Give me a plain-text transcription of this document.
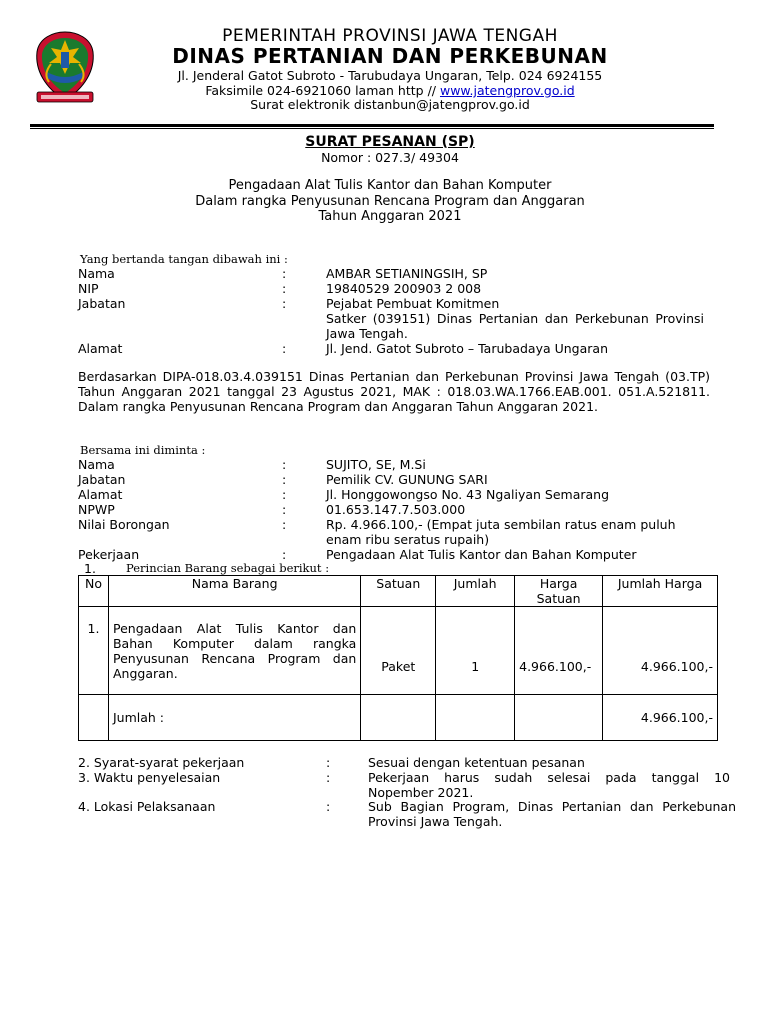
PEMERINTAH PROVINSI JAWA TENGAH
DINAS PERTANIAN DAN PERKEBUNAN
Jl. Jenderal Gatot Subroto - Tarubudaya Ungaran, Telp. 024 6924155
Faksimile 024-6921060 laman http // www.jatengprov.go.id
Surat elektronik distanbun@jatengprov.go.id
SURAT PESANAN (SP)
Nomor : 027.3/ 49304
Pengadaan Alat Tulis Kantor dan Bahan Komputer
Dalam rangka Penyusunan Rencana Program dan Anggaran
Tahun Anggaran 2021
Yang bertanda tangan dibawah ini :
Nama	:	AMBAR SETIANINGSIH, SP
NIP	:	19840529 200903 2 008
Jabatan	:	Pejabat Pembuat Komitmen
Satker (039151) Dinas Pertanian dan Perkebunan Provinsi Jawa Tengah.
Alamat	:	Jl. Jend. Gatot Subroto – Tarubadaya Ungaran
Berdasarkan DIPA-018.03.4.039151 Dinas Pertanian dan Perkebunan Provinsi Jawa Tengah (03.TP) Tahun Anggaran 2021 tanggal 23 Agustus 2021, MAK : 018.03.WA.1766.EAB.001. 051.A.521811. Dalam rangka Penyusunan Rencana Program dan Anggaran Tahun Anggaran 2021.
Bersama ini diminta :
Nama	:	SUJITO, SE, M.Si
Jabatan	:	Pemilik CV. GUNUNG SARI
Alamat	:	Jl. Honggowongso No. 43 Ngaliyan Semarang
NPWP	:	01.653.147.7.503.000
Nilai Borongan	:	Rp. 4.966.100,- (Empat juta sembilan ratus enam puluh
enam ribu seratus rupaih)
Pekerjaan	:	Pengadaan Alat Tulis Kantor dan Bahan Komputer
1.	Perincian Barang sebagai berikut :
No	Nama Barang	Satuan	Jumlah	Harga Satuan	Jumlah Harga
1.	Pengadaan Alat Tulis Kantor dan Bahan Komputer dalam rangka Penyusunan Rencana Program dan Anggaran.	Paket	1	4.966.100,-	4.966.100,-
	Jumlah :				4.966.100,-
2. Syarat-syarat pekerjaan	:	Sesuai dengan ketentuan pesanan
3. Waktu penyelesaian	:	Pekerjaan harus sudah selesai pada tanggal 10 Nopember 2021.
4. Lokasi Pelaksanaan	:	Sub Bagian Program, Dinas Pertanian dan Perkebunan Provinsi Jawa Tengah.
